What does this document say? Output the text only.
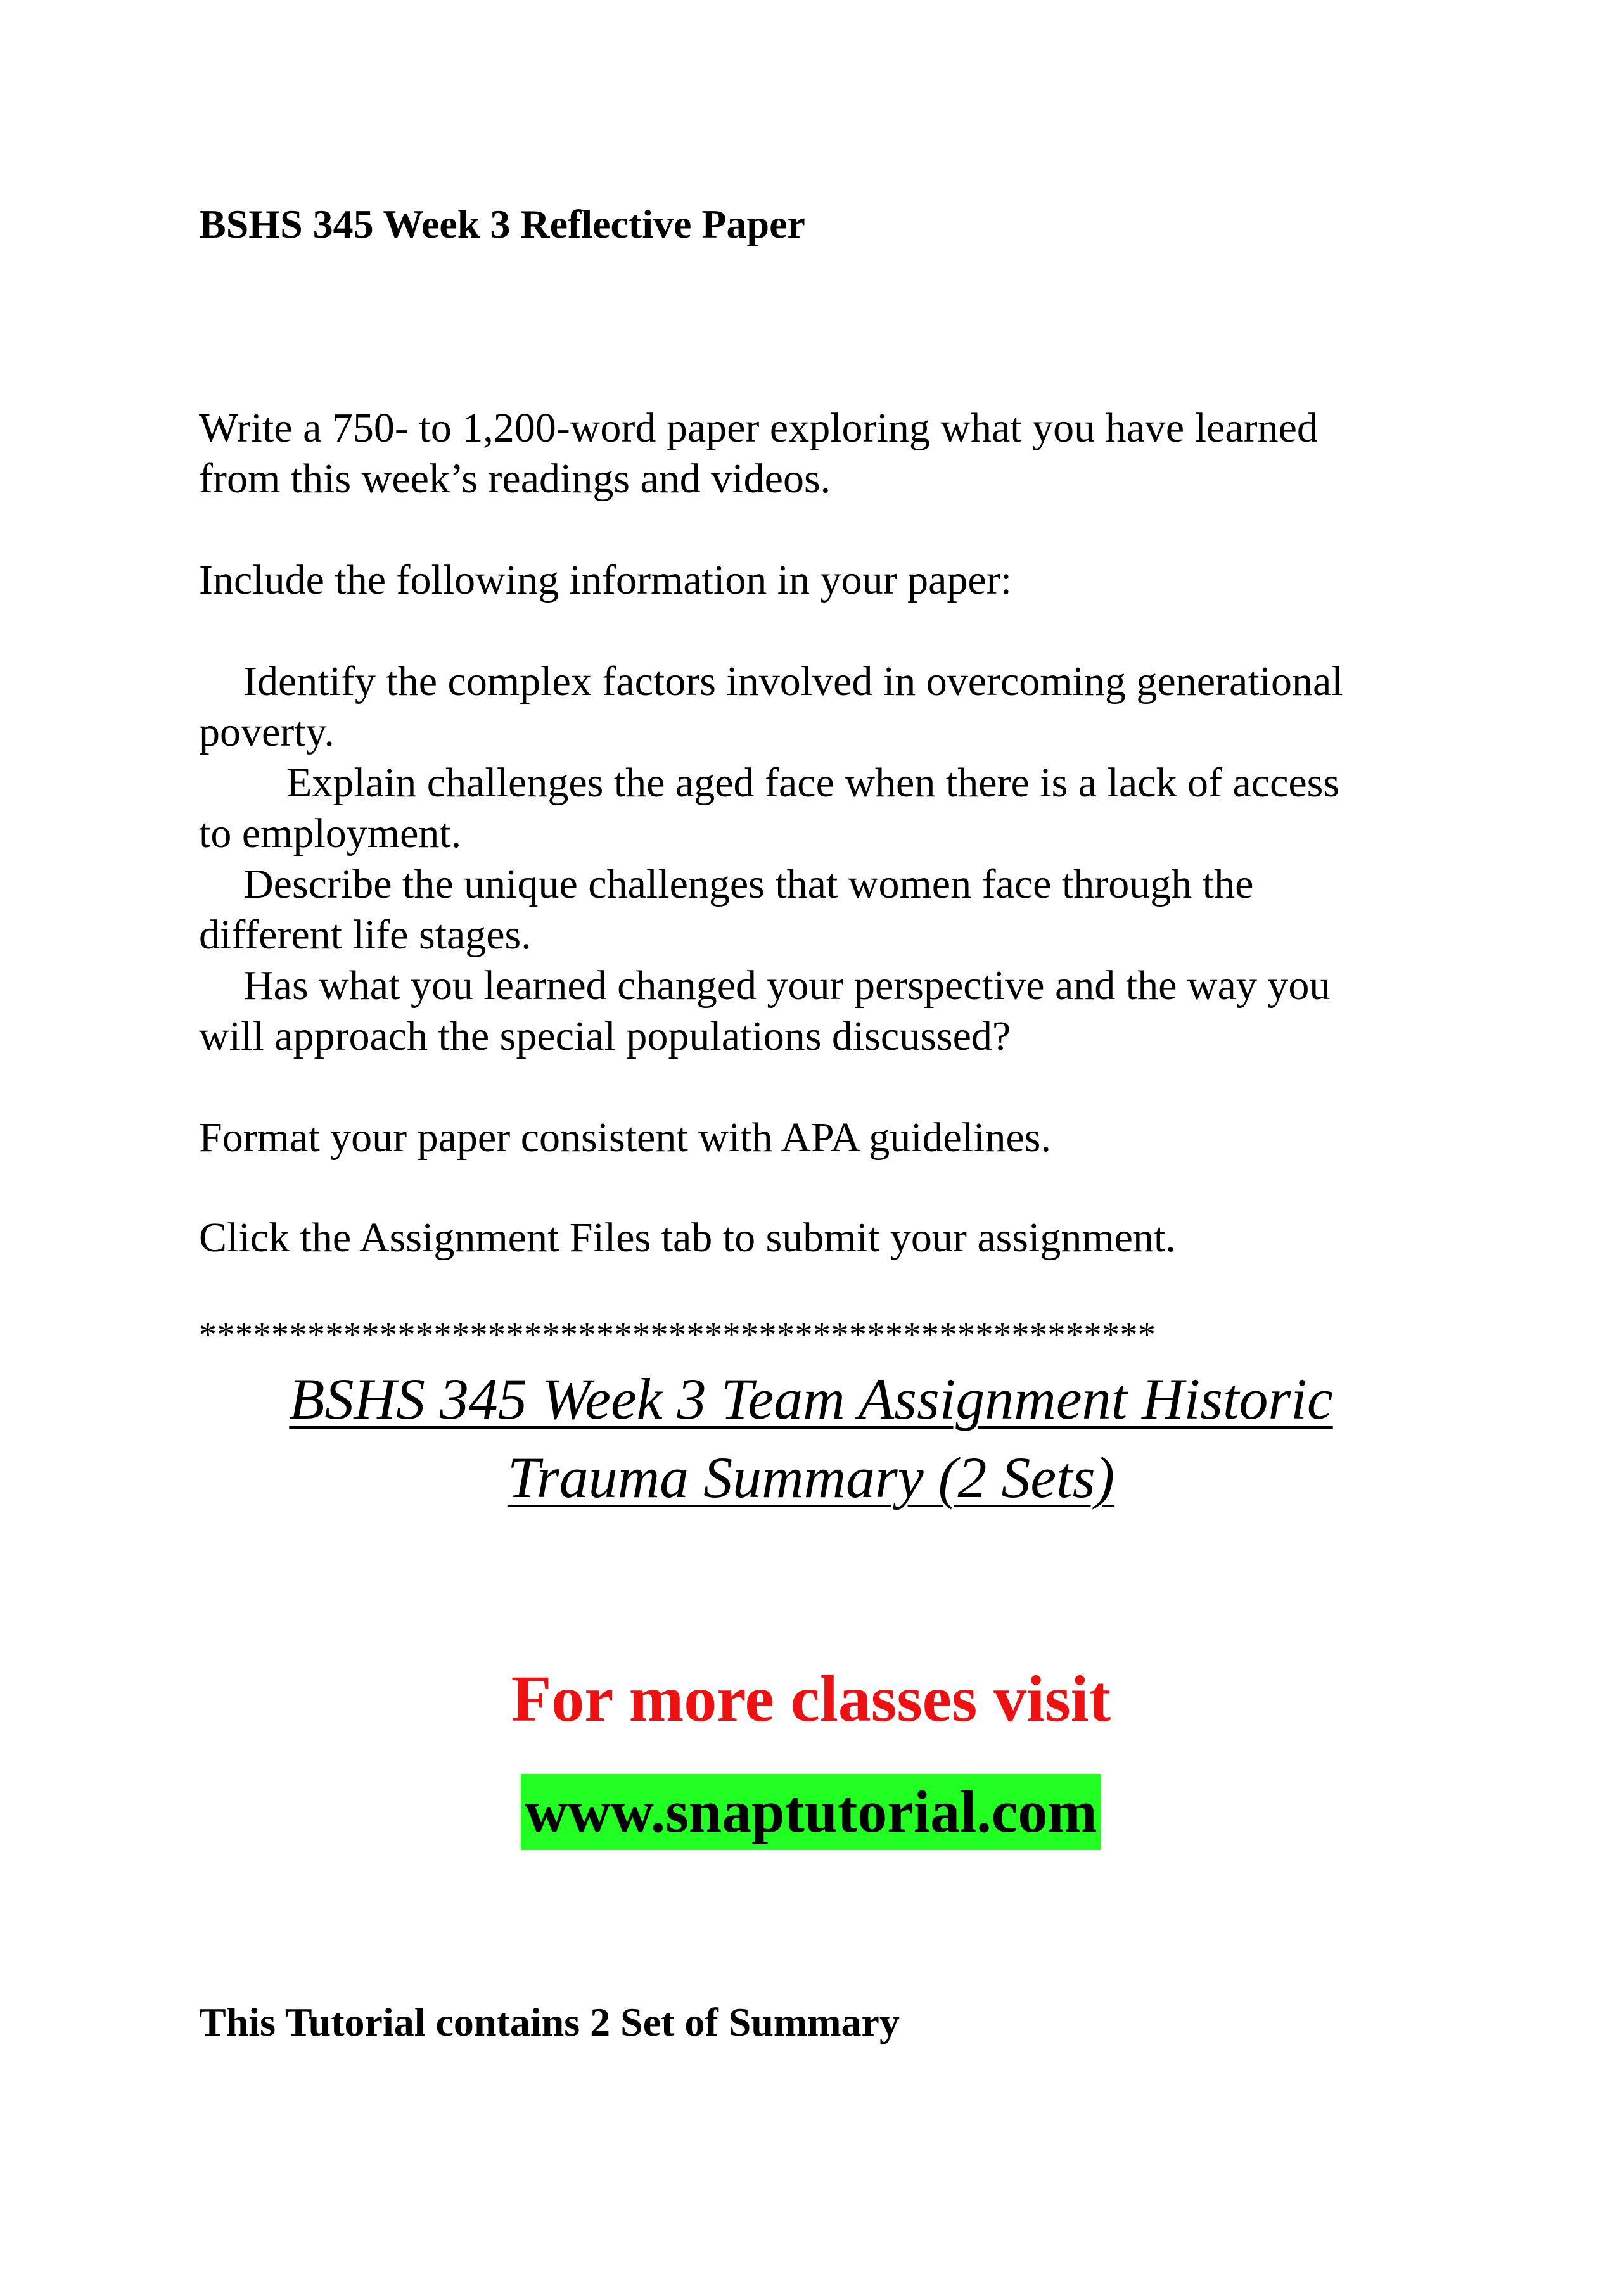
BSHS 345 Week 3 Reflective Paper

Write a 750- to 1,200-word paper exploring what you have learned

from this week’s readings and videos.

Include the following information in your paper:

Identify the complex factors involved in overcoming generational

poverty.

Explain challenges the aged face when there is a lack of access

to employment.

Describe the unique challenges that women face through the

different life stages.

Has what you learned changed your perspective and the way you

will approach the special populations discussed?

Format your paper consistent with APA guidelines.

Click the Assignment Files tab to submit your assignment.

*****************************************************

BSHS 345 Week 3 Team Assignment Historic

Trauma Summary (2 Sets)

For more classes visit

www.snaptutorial.com

This Tutorial contains 2 Set of Summary
